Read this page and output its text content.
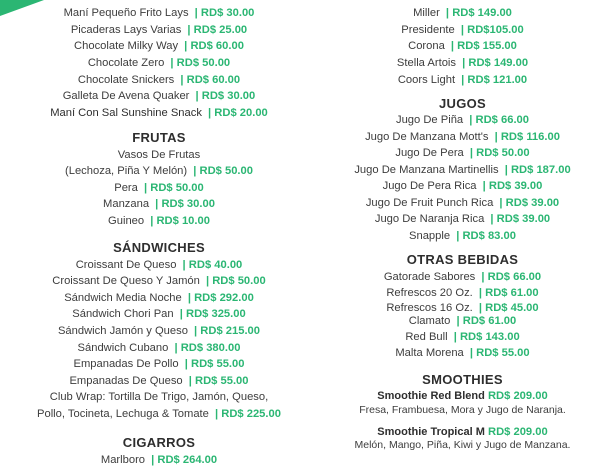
Maní Pequeño Frito Lays | RD$ 30.00
Picaderas Lays Varias | RD$ 25.00
Chocolate Milky Way | RD$ 60.00
Chocolate Zero | RD$ 50.00
Chocolate Snickers | RD$ 60.00
Galleta De Avena Quaker | RD$ 30.00
Maní Con Sal Sunshine Snack | RD$ 20.00
FRUTAS
Vasos De Frutas
(Lechoza, Piña Y Melón) | RD$ 50.00
Pera | RD$ 50.00
Manzana | RD$ 30.00
Guineo | RD$ 10.00
SÁNDWICHES
Croissant De Queso | RD$ 40.00
Croissant De Queso Y Jamón | RD$ 50.00
Sándwich Media Noche | RD$ 292.00
Sándwich Chori Pan | RD$ 325.00
Sándwich Jamón y Queso | RD$ 215.00
Sándwich Cubano | RD$ 380.00
Empanadas De Pollo | RD$ 55.00
Empanadas De Queso | RD$ 55.00
Club Wrap: Tortilla De Trigo, Jamón, Queso,
Pollo, Tocineta, Lechuga & Tomate | RD$ 225.00
CIGARROS
Marlboro | RD$ 264.00
Miller | RD$ 149.00
Presidente | RD$105.00
Corona | RD$ 155.00
Stella Artois | RD$ 149.00
Coors Light | RD$ 121.00
JUGOS
Jugo De Piña | RD$ 66.00
Jugo De Manzana Mott's | RD$ 116.00
Jugo De Pera | RD$ 50.00
Jugo De Manzana Martinellis | RD$ 187.00
Jugo De Pera Rica | RD$ 39.00
Jugo De Fruit Punch Rica | RD$ 39.00
Jugo De Naranja Rica | RD$ 39.00
Snapple | RD$ 83.00
OTRAS BEBIDAS
Gatorade Sabores | RD$ 66.00
Refrescos 20 Oz. | RD$ 61.00
Refrescos 16 Oz. | RD$ 45.00
Clamato | RD$ 61.00
Red Bull | RD$ 143.00
Malta Morena | RD$ 55.00
SMOOTHIES
Smoothie Red Blend RD$ 209.00
Fresa, Frambuesa, Mora y Jugo de Naranja.
Smoothie Tropical M RD$ 209.00
Melón, Mango, Piña, Kiwi y Jugo de Manzana.
